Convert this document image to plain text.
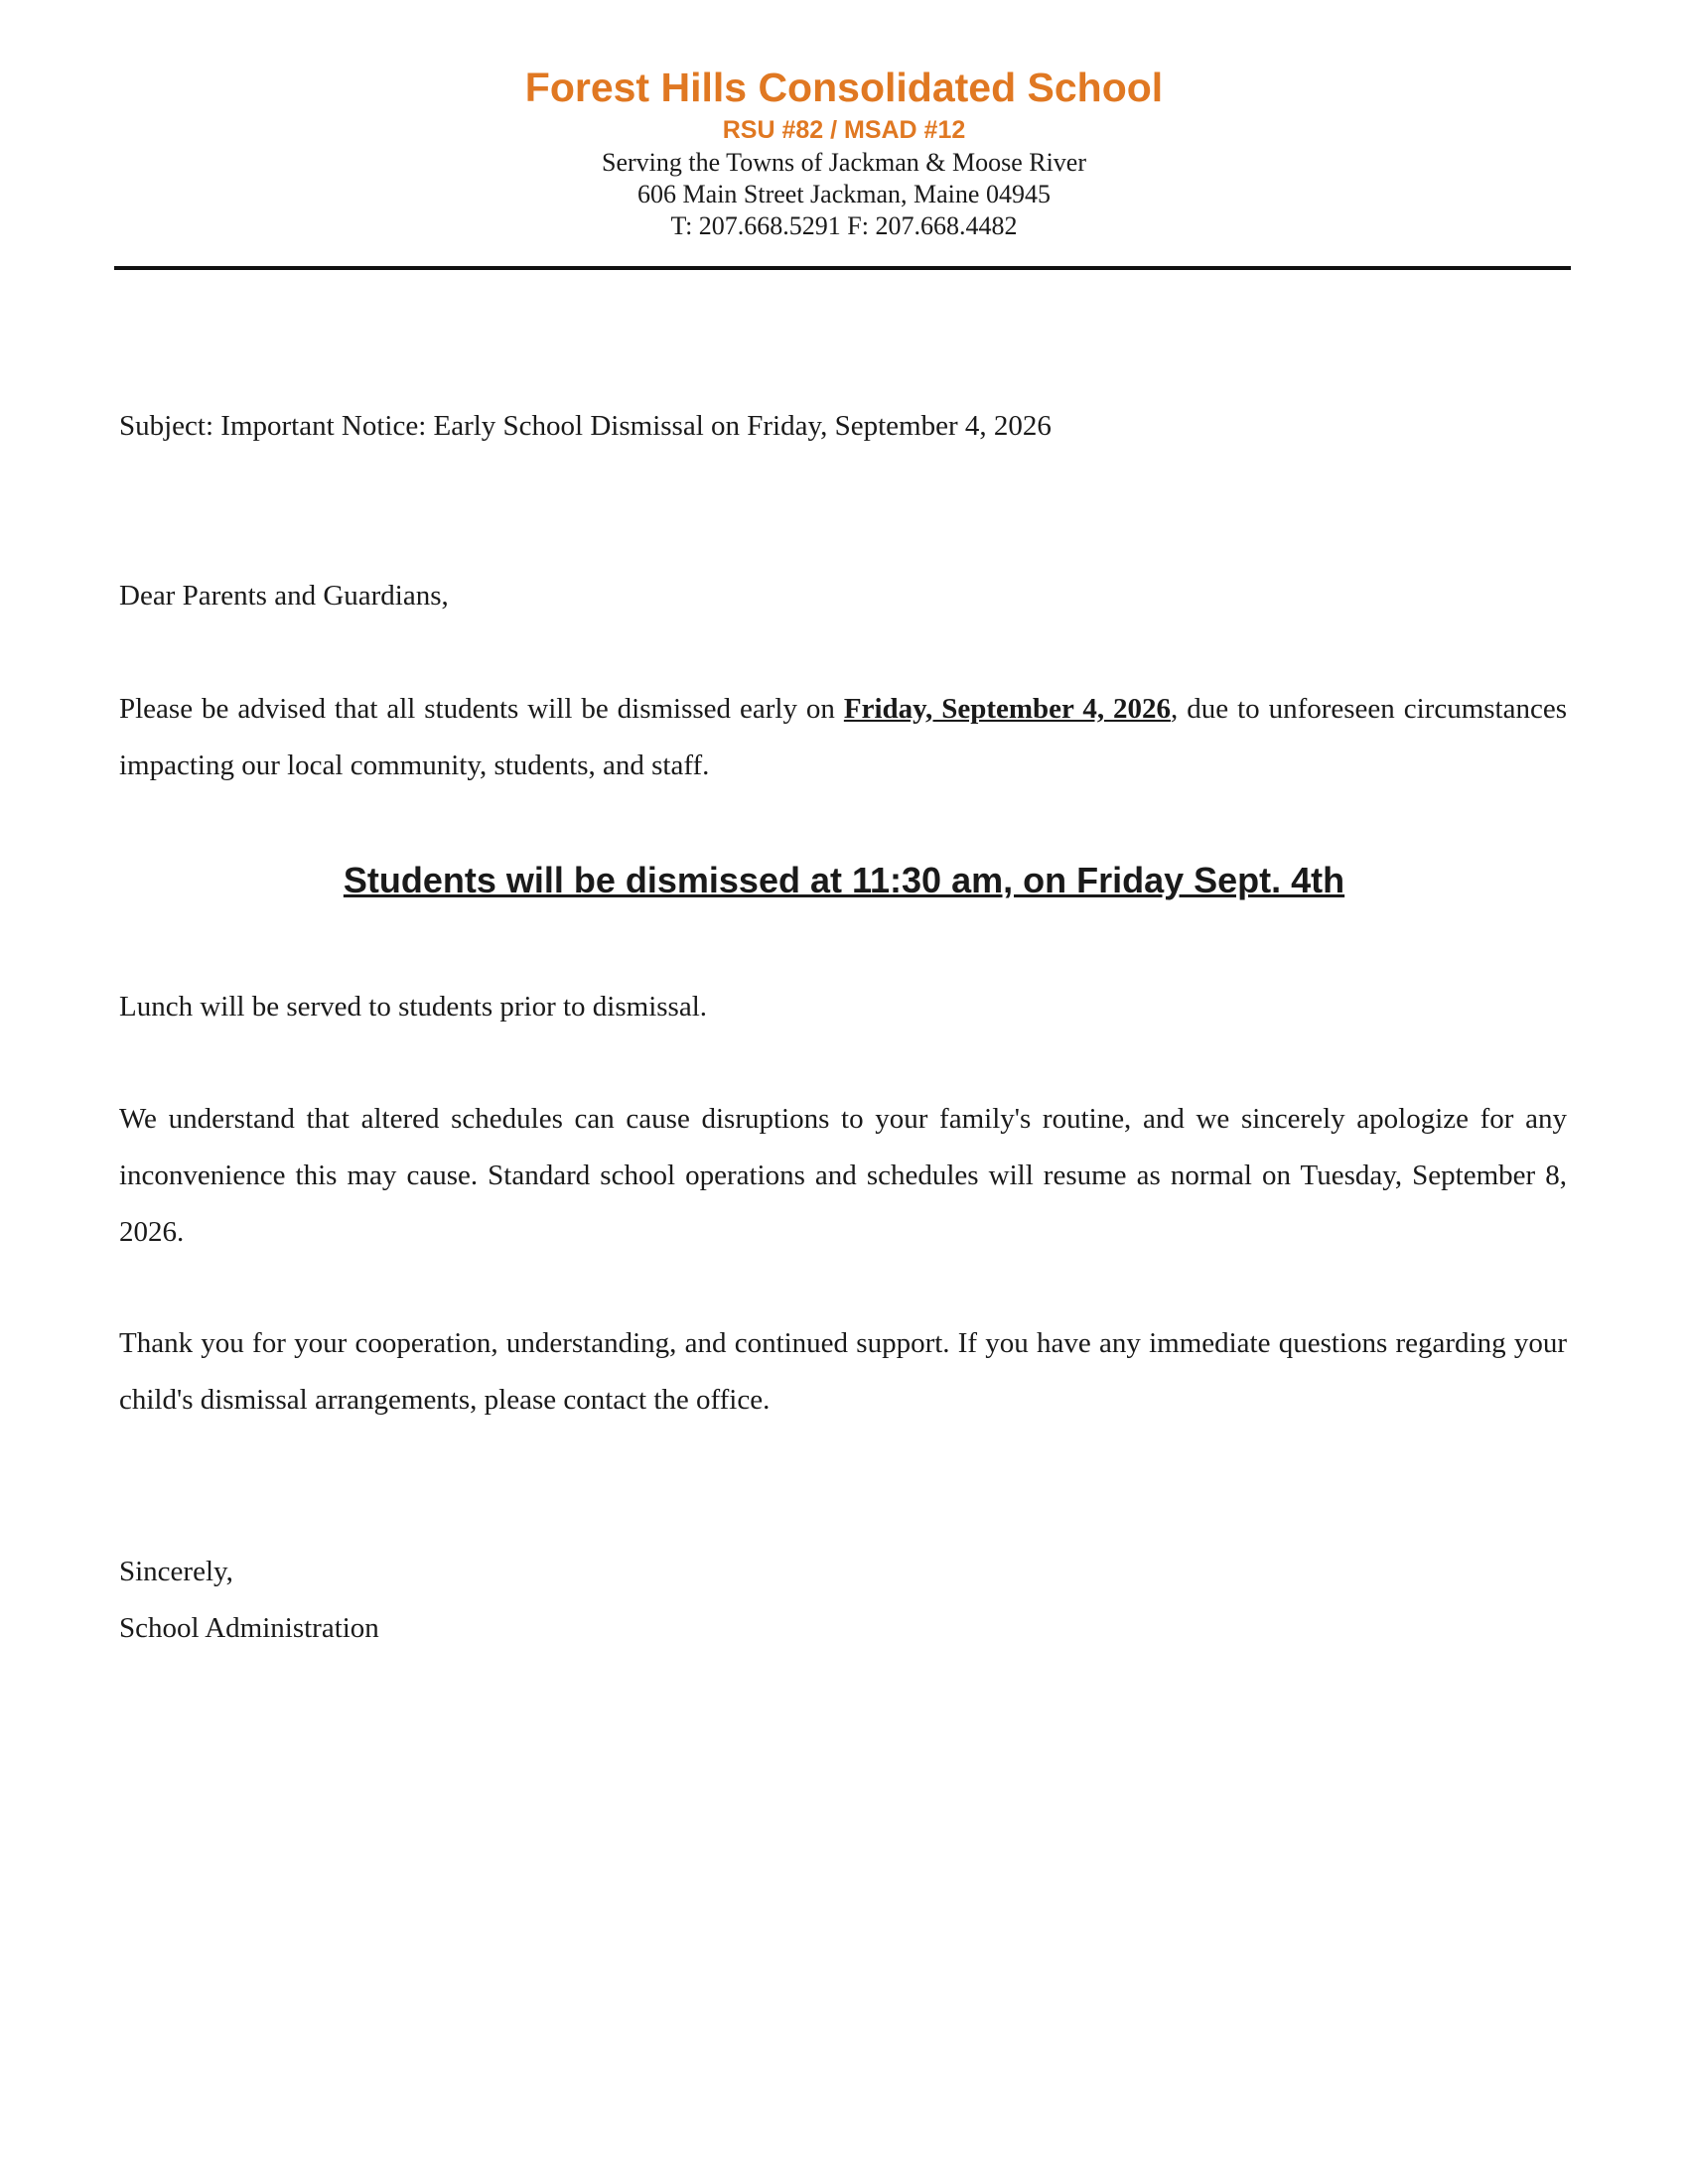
Forest Hills Consolidated School

RSU #82 / MSAD #12

Serving the Towns of Jackman & Moose River

606 Main Street Jackman, Maine 04945

T: 207.668.5291 F: 207.668.4482

Subject: Important Notice: Early School Dismissal on Friday, September 4, 2026

Dear Parents and Guardians,

Please be advised that all students will be dismissed early on Friday, September 4, 2026, due to unforeseen circumstances impacting our local community, students, and staff.

Students will be dismissed at 11:30 am, on Friday Sept. 4th

Lunch will be served to students prior to dismissal.

We understand that altered schedules can cause disruptions to your family's routine, and we sincerely apologize for any inconvenience this may cause. Standard school operations and schedules will resume as normal on Tuesday, September 8, 2026.

Thank you for your cooperation, understanding, and continued support. If you have any immediate questions regarding your child's dismissal arrangements, please contact the office.

Sincerely,

School Administration
